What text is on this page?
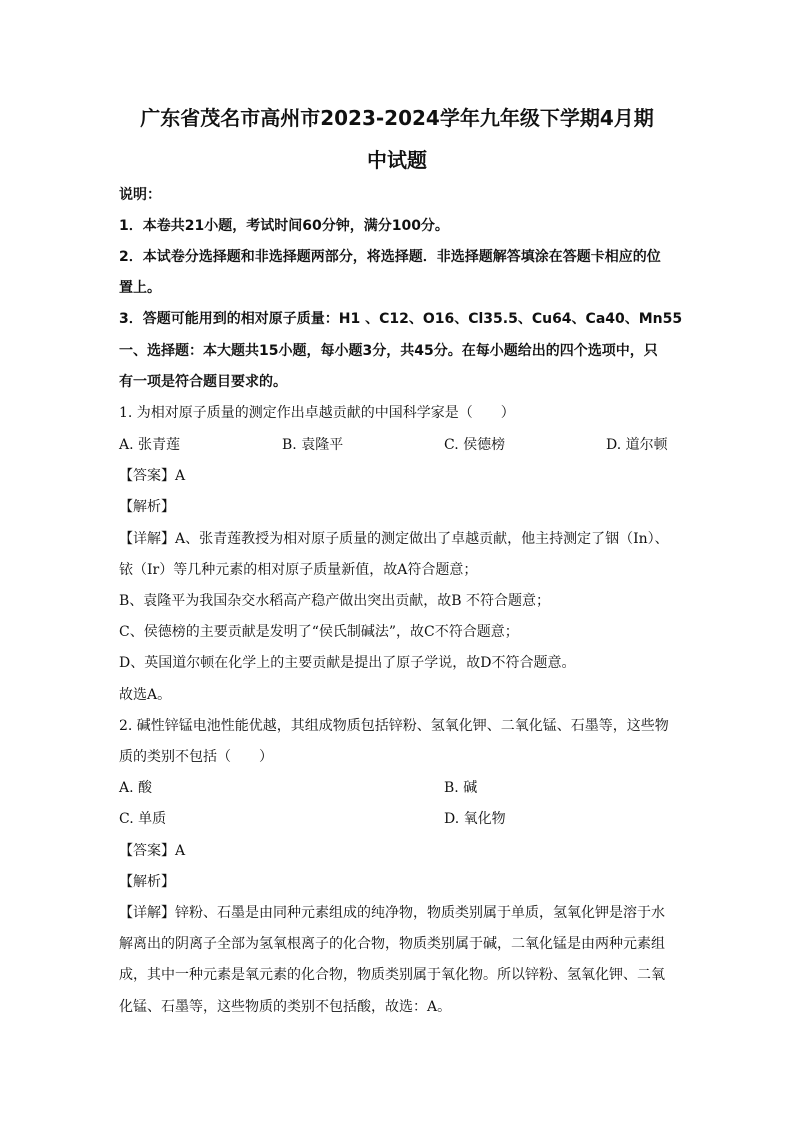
广东省茂名市高州市2023-2024学年九年级下学期4月期
中试题
说明：
1．本卷共21小题，考试时间60分钟，满分100分。
2．本试卷分选择题和非选择题两部分，将选择题．非选择题解答填涂在答题卡相应的位
置上。
3．答题可能用到的相对原子质量：H1 、C12、O16、Cl35.5、Cu64、Ca40、Mn55
一、选择题：本大题共15小题，每小题3分，共45分。在每小题给出的四个选项中，只
有一项是符合题目要求的。
1. 为相对原子质量的测定作出卓越贡献的中国科学家是（　　）
A. 张青莲	B. 袁隆平	C. 侯德榜	D. 道尔顿
【答案】A
【解析】
【详解】A、张青莲教授为相对原子质量的测定做出了卓越贡献，他主持测定了铟（In）、
铱（Ir）等几种元素的相对原子质量新值，故A符合题意；
B、袁隆平为我国杂交水稻高产稳产做出突出贡献，故B 不符合题意；
C、侯德榜的主要贡献是发明了“侯氏制碱法”，故C不符合题意；
D、英国道尔顿在化学上的主要贡献是提出了原子学说，故D不符合题意。
故选A。
2. 碱性锌锰电池性能优越，其组成物质包括锌粉、氢氧化钾、二氧化锰、石墨等，这些物
质的类别不包括（　　）
A. 酸	B. 碱
C. 单质	D. 氧化物
【答案】A
【解析】
【详解】锌粉、石墨是由同种元素组成的纯净物，物质类别属于单质，氢氧化钾是溶于水
解离出的阴离子全部为氢氧根离子的化合物，物质类别属于碱，二氧化锰是由两种元素组
成，其中一种元素是氧元素的化合物，物质类别属于氧化物。所以锌粉、氢氧化钾、二氧
化锰、石墨等，这些物质的类别不包括酸，故选：A。
